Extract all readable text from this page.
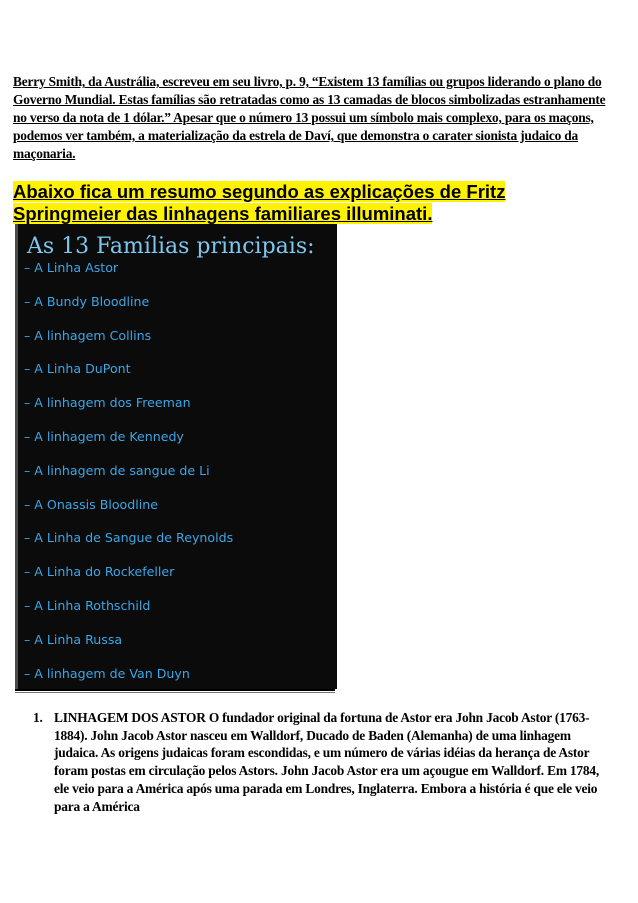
Berry Smith, da Austrália, escreveu em seu livro, p. 9, “Existem 13 famílias ou grupos liderando o plano do Governo Mundial. Estas famílias são retratadas como as 13 camadas de blocos simbolizadas estranhamente no verso da nota de 1 dólar.” Apesar que o número 13 possui um símbolo mais complexo, para os maçons, podemos ver também, a materialização da estrela de Daví, que demonstra o carater sionista judaico da maçonaria.
Abaixo fica um resumo segundo as explicações de Fritz Springmeier das linhagens familiares illuminati.
As 13 Famílias principais:
– A Linha Astor
– A Bundy Bloodline
– A linhagem Collins
– A Linha DuPont
– A linhagem dos Freeman
– A linhagem de Kennedy
– A linhagem de sangue de Li
– A Onassis Bloodline
– A Linha de Sangue de Reynolds
– A Linha do Rockefeller
– A Linha Rothschild
– A Linha Russa
– A linhagem de Van Duyn
1. LINHAGEM DOS ASTOR O fundador original da fortuna de Astor era John Jacob Astor (1763-1884). John Jacob Astor nasceu em Walldorf, Ducado de Baden (Alemanha) de uma linhagem judaica. As origens judaicas foram escondidas, e um número de várias idéias da herança de Astor foram postas em circulação pelos Astors. John Jacob Astor era um açougue em Walldorf. Em 1784, ele veio para a América após uma parada em Londres, Inglaterra. Embora a história é que ele veio para a América
